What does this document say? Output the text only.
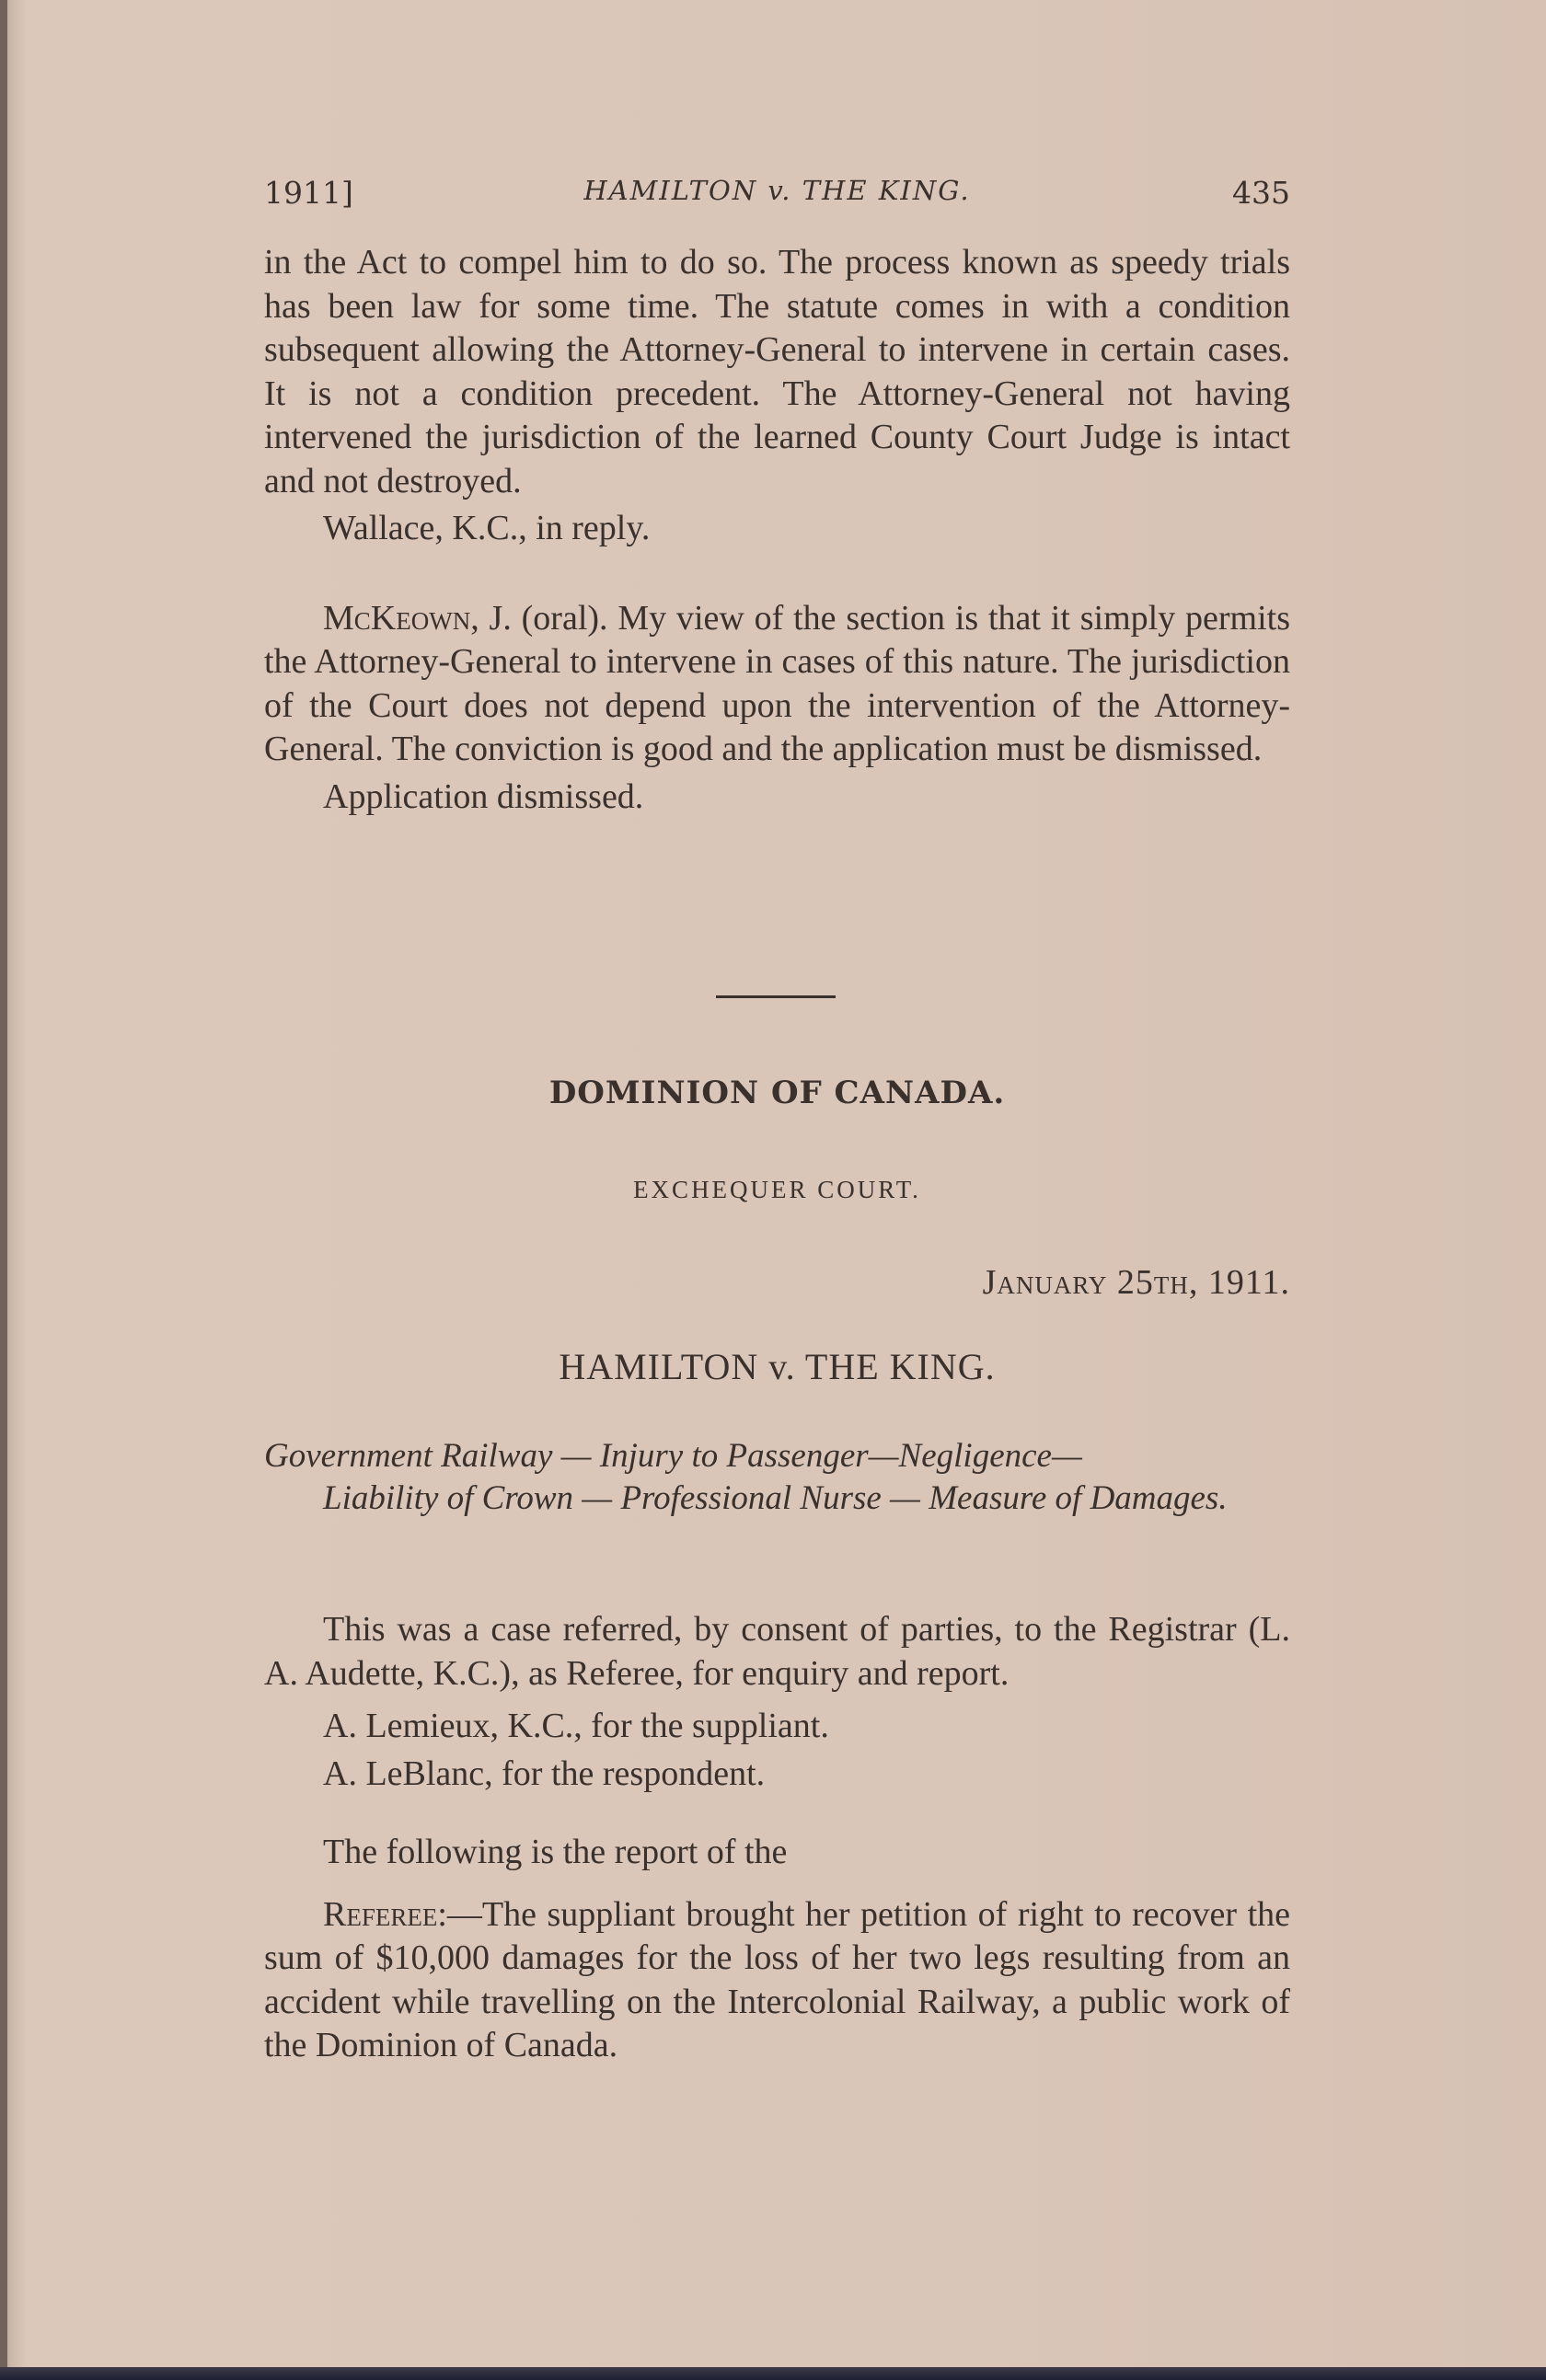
1911]	HAMILTON v. THE KING.	435

in the Act to compel him to do so. The process known as speedy trials has been law for some time. The statute comes in with a condition subsequent allowing the Attorney-General to intervene in certain cases. It is not a condition precedent. The Attorney-General not having intervened the jurisdiction of the learned County Court Judge is intact and not destroyed.

Wallace, K.C., in reply.

McKeown, J. (oral). My view of the section is that it simply permits the Attorney-General to intervene in cases of this nature. The jurisdiction of the Court does not depend upon the intervention of the Attorney-General. The conviction is good and the application must be dismissed.

Application dismissed.

DOMINION OF CANADA.
EXCHEQUER COURT.
January 25th, 1911.
HAMILTON v. THE KING.
Government Railway — Injury to Passenger—Negligence—
Liability of Crown — Professional Nurse — Measure of Damages.

This was a case referred, by consent of parties, to the Registrar (L. A. Audette, K.C.), as Referee, for enquiry and report.

A. Lemieux, K.C., for the suppliant.

A. LeBlanc, for the respondent.

The following is the report of the

Referee:—The suppliant brought her petition of right to recover the sum of $10,000 damages for the loss of her two legs resulting from an accident while travelling on the Intercolonial Railway, a public work of the Dominion of Canada.
